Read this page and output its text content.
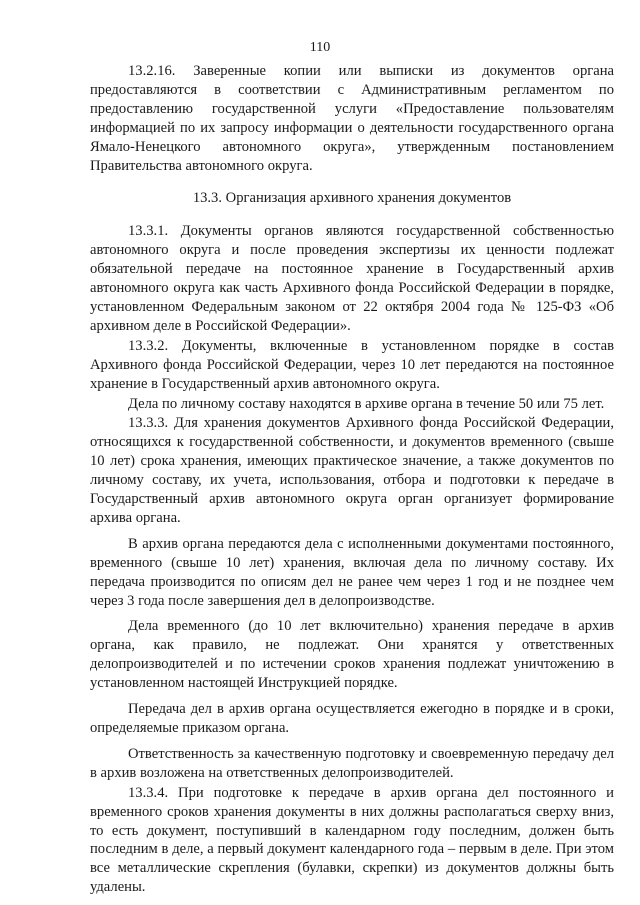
110

13.2.16. Заверенные копии или выписки из документов органа предоставляются в соответствии с Административным регламентом по предоставлению государственной услуги «Предоставление пользователям информацией по их запросу информации о деятельности государственного органа Ямало-Ненецкого автономного округа», утвержденным постановлением Правительства автономного округа.

13.3. Организация архивного хранения документов

13.3.1. Документы органов являются государственной собственностью автономного округа и после проведения экспертизы их ценности подлежат обязательной передаче на постоянное хранение в Государственный архив автономного округа как часть Архивного фонда Российской Федерации в порядке, установленном Федеральным законом от 22 октября 2004 года № 125-ФЗ «Об архивном деле в Российской Федерации».

13.3.2. Документы, включенные в установленном порядке в состав Архивного фонда Российской Федерации, через 10 лет передаются на постоянное хранение в Государственный архив автономного округа.

Дела по личному составу находятся в архиве органа в течение 50 или 75 лет.

13.3.3. Для хранения документов Архивного фонда Российской Федерации, относящихся к государственной собственности, и документов временного (свыше 10 лет) срока хранения, имеющих практическое значение, а также документов по личному составу, их учета, использования, отбора и подготовки к передаче в Государственный архив автономного округа орган организует формирование архива органа.

В архив органа передаются дела с исполненными документами постоянного, временного (свыше 10 лет) хранения, включая дела по личному составу. Их передача производится по описям дел не ранее чем через 1 год и не позднее чем через 3 года после завершения дел в делопроизводстве.

Дела временного (до 10 лет включительно) хранения передаче в архив органа, как правило, не подлежат. Они хранятся у ответственных делопроизводителей и по истечении сроков хранения подлежат уничтожению в установленном настоящей Инструкцией порядке.

Передача дел в архив органа осуществляется ежегодно в порядке и в сроки, определяемые приказом органа.

Ответственность за качественную подготовку и своевременную передачу дел в архив возложена на ответственных делопроизводителей.

13.3.4. При подготовке к передаче в архив органа дел постоянного и временного сроков хранения документы в них должны располагаться сверху вниз, то есть документ, поступивший в календарном году последним, должен быть последним в деле, а первый документ календарного года – первым в деле. При этом все металлические скрепления (булавки, скрепки) из документов должны быть удалены.
